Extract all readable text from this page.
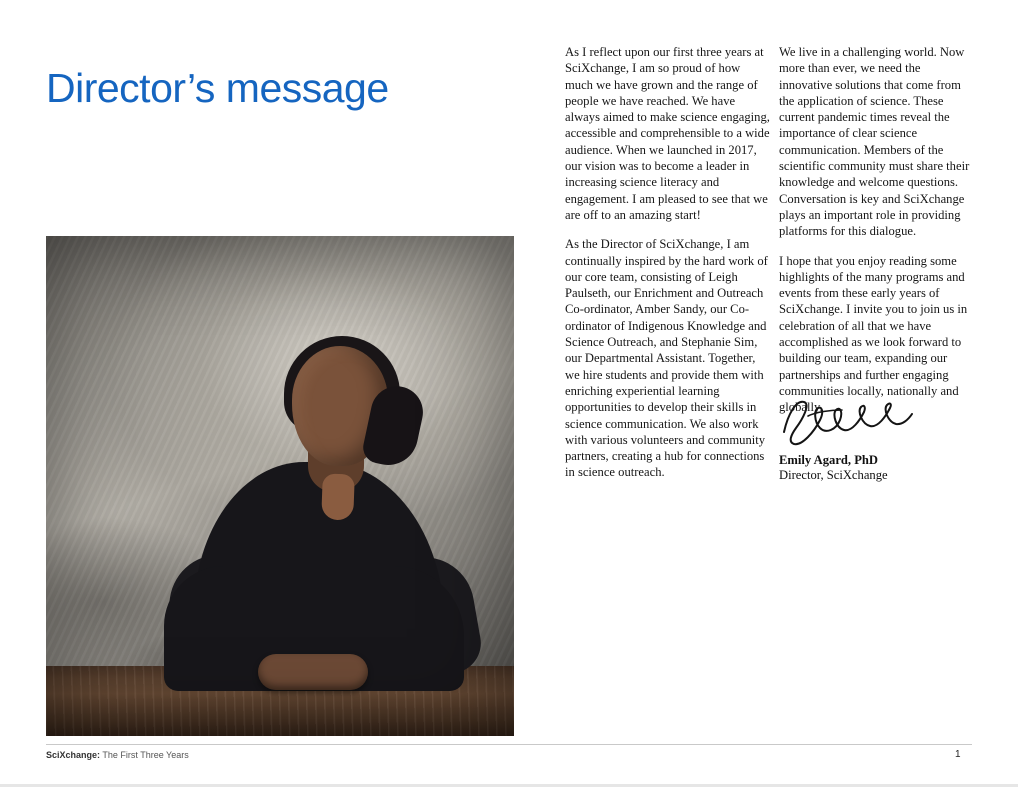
Director’s message

As I reflect upon our first three years at SciXchange, I am so proud of how much we have grown and the range of people we have reached. We have always aimed to make science engaging, accessible and comprehensible to a wide audience. When we launched in 2017, our vision was to become a leader in increasing science literacy and engagement. I am pleased to see that we are off to an amazing start!

As the Director of SciXchange, I am continually inspired by the hard work of our core team, consisting of Leigh Paulseth, our Enrichment and Outreach Co-ordinator, Amber Sandy, our Co-ordinator of Indigenous Knowledge and Science Outreach, and Stephanie Sim, our Departmental Assistant. Together, we hire students and provide them with enriching experiential learning opportunities to develop their skills in science communication. We also work with various volunteers and community partners, creating a hub for connections in science outreach.

We live in a challenging world. Now more than ever, we need the innovative solutions that come from the application of science. These current pandemic times reveal the importance of clear science communication. Members of the scientific community must share their knowledge and welcome questions. Conversation is key and SciXchange plays an important role in providing platforms for this dialogue.

I hope that you enjoy reading some highlights of the many programs and events from these early years of SciXchange. I invite you to join us in celebration of all that we have accomplished as we look forward to building our team, expanding our partnerships and further engaging communities locally, nationally and globally.

Emily Agard, PhD
Director, SciXchange
SciXchange: The First Three Years	1
